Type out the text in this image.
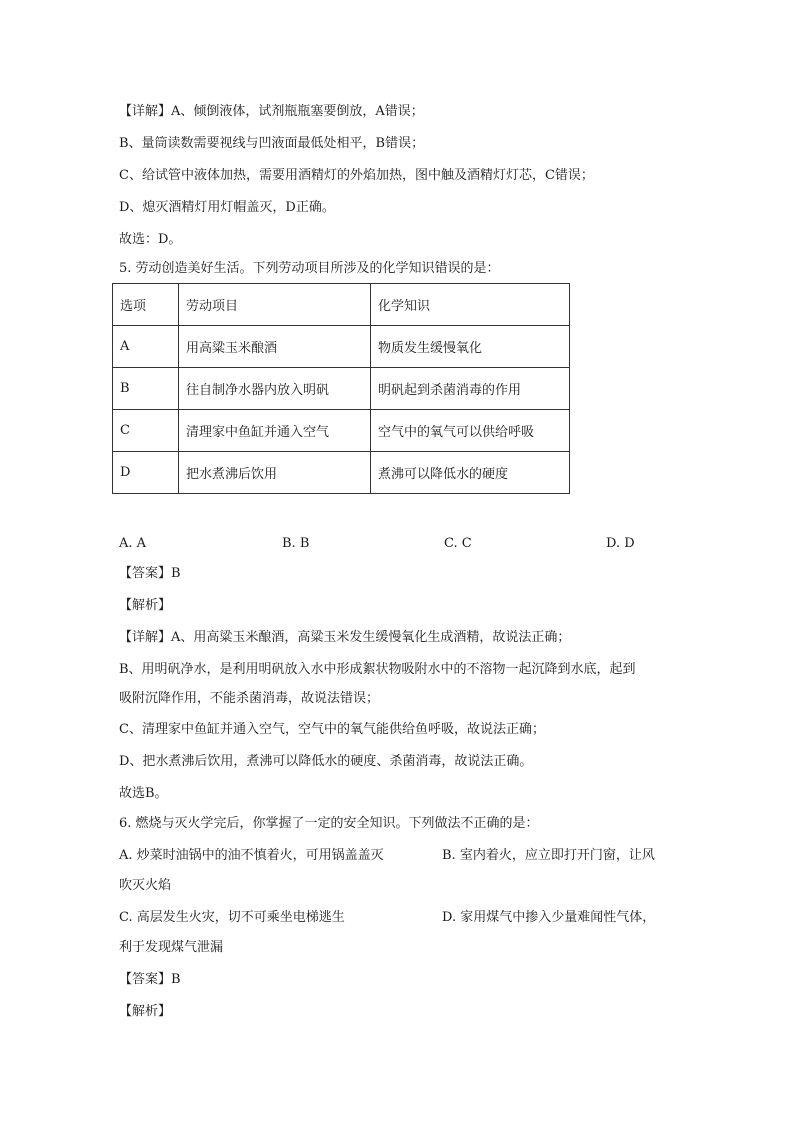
【详解】A、倾倒液体，试剂瓶瓶塞要倒放，A错误；
B、量筒读数需要视线与凹液面最低处相平，B错误；
C、给试管中液体加热，需要用酒精灯的外焰加热，图中触及酒精灯灯芯，C错误；
D、熄灭酒精灯用灯帽盖灭，D正确。
故选：D。
5. 劳动创造美好生活。下列劳动项目所涉及的化学知识错误的是：
选项	劳动项目	化学知识
A	用高粱玉米酿酒	物质发生缓慢氧化
B	往自制净水器内放入明矾	明矾起到杀菌消毒的作用
C	清理家中鱼缸并通入空气	空气中的氧气可以供给呼吸
D	把水煮沸后饮用	煮沸可以降低水的硬度
A. A	B. B	C. C	D. D
【答案】B
【解析】
【详解】A、用高粱玉米酿酒，高粱玉米发生缓慢氧化生成酒精，故说法正确；
B、用明矾净水，是利用明矾放入水中形成絮状物吸附水中的不溶物一起沉降到水底，起到
吸附沉降作用，不能杀菌消毒，故说法错误；
C、清理家中鱼缸并通入空气，空气中的氧气能供给鱼呼吸，故说法正确；
D、把水煮沸后饮用，煮沸可以降低水的硬度、杀菌消毒，故说法正确。
故选B。
6. 燃烧与灭火学完后，你掌握了一定的安全知识。下列做法不正确的是：
A. 炒菜时油锅中的油不慎着火，可用锅盖盖灭	B. 室内着火，应立即打开门窗，让风
吹灭火焰
C. 高层发生火灾，切不可乘坐电梯逃生	D. 家用煤气中掺入少量难闻性气体，
利于发现煤气泄漏
【答案】B
【解析】
